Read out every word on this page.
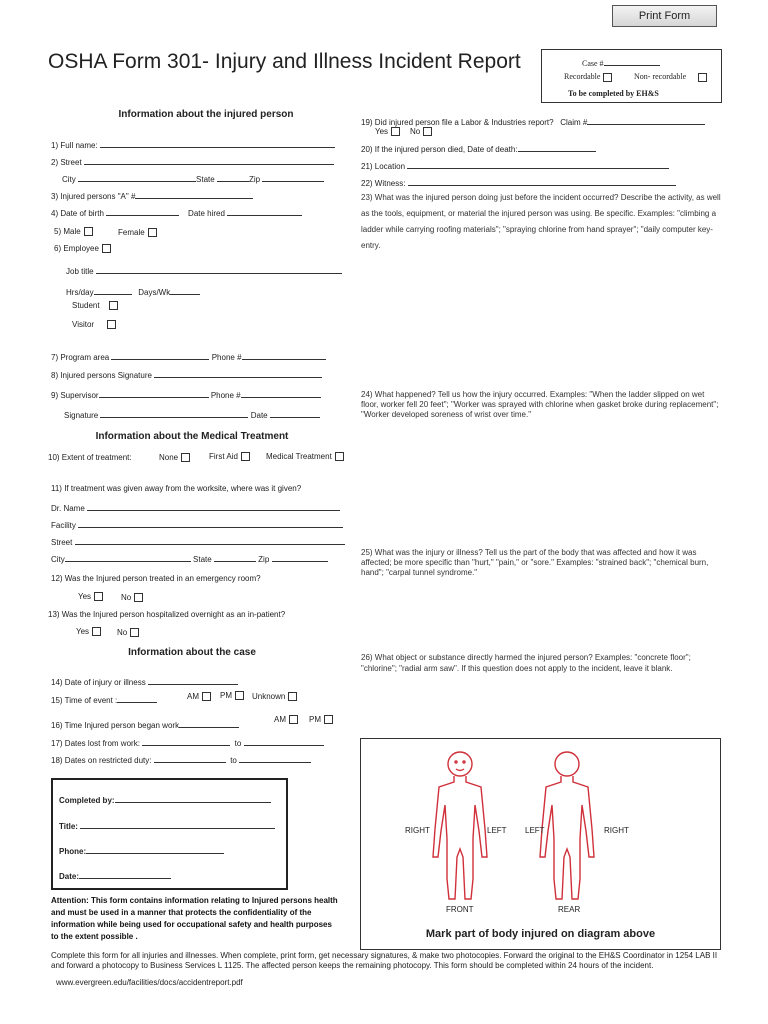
Print Form
OSHA Form 301- Injury and Illness Incident Report	Case #
Recordable	Non- recordable
To be completed by EH&S
Information about the injured person
1) Full name:
2) Street
City	State	Zip
3) Injured persons "A" #
4) Date of birth	Date hired
5) Male	Female
6) Employee
Job title
Hrs/day	Days/Wk
Student
Visitor
7) Program area	Phone #
8) Injured persons Signature
9) Supervisor	Phone #
Signature	Date
Information about the Medical Treatment
10) Extent of treatment:	None	First Aid	Medical Treatment
11) If treatment was given away from the worksite, where was it given?
Dr. Name
Facility
Street
City	State	Zip
12) Was the Injured person treated in an emergency room?
Yes	No
13) Was the Injured person hospitalized overnight as an in-patient?
Yes	No
Information about the case
14) Date of injury or illness
15) Time of event :	AM	PM	Unknown
16) Time Injured person began work
AM	PM
17) Dates lost from work:	to
18) Dates on restricted duty:	to
Completed by:
Title:
Phone:
Date:
Attention: This form contains information relating to Injured persons health and must be used in a manner that protects the confidentiality of the information while being used for occupational safety and health purposes to the extent possible .
19) Did injured person file a Labor & Industries report? Claim #
Yes	No
20) If the injured person died, Date of death:
21) Location
22) Witness:
23) What was the injured person doing just before the incident occurred? Describe the activity, as well as the tools, equipment, or material the injured person was using. Be specific. Examples: "climbing a ladder while carrying roofing materials"; "spraying chlorine from hand sprayer"; "daily computer key-entry.
24) What happened? Tell us how the injury occurred. Examples: "When the ladder slipped on wet floor, worker fell 20 feet"; "Worker was sprayed with chlorine when gasket broke during replacement"; "Worker developed soreness of wrist over time."
25) What was the injury or illness? Tell us the part of the body that was affected and how it was affected; be more specific than "hurt," "pain," or "sore." Examples: "strained back"; "chemical burn, hand"; "carpal tunnel syndrome."
26) What object or substance directly harmed the injured person? Examples: "concrete floor"; "chlorine"; "radial arm saw". If this question does not apply to the incident, leave it blank.
RIGHT	LEFT LEFT	RIGHT
FRONT	REAR
Mark part of body injured on diagram above
Complete this form for all injuries and illnesses. When complete, print form, get necessary signatures, & make two photocopies. Forward the original to the EH&S Coordinator in 1254 LAB II and forward a photocopy to Business Services L 1125. The affected person keeps the remaining photocopy. This form should be completed within 24 hours of the incident.
www.evergreen.edu/facilities/docs/accidentreport.pdf
